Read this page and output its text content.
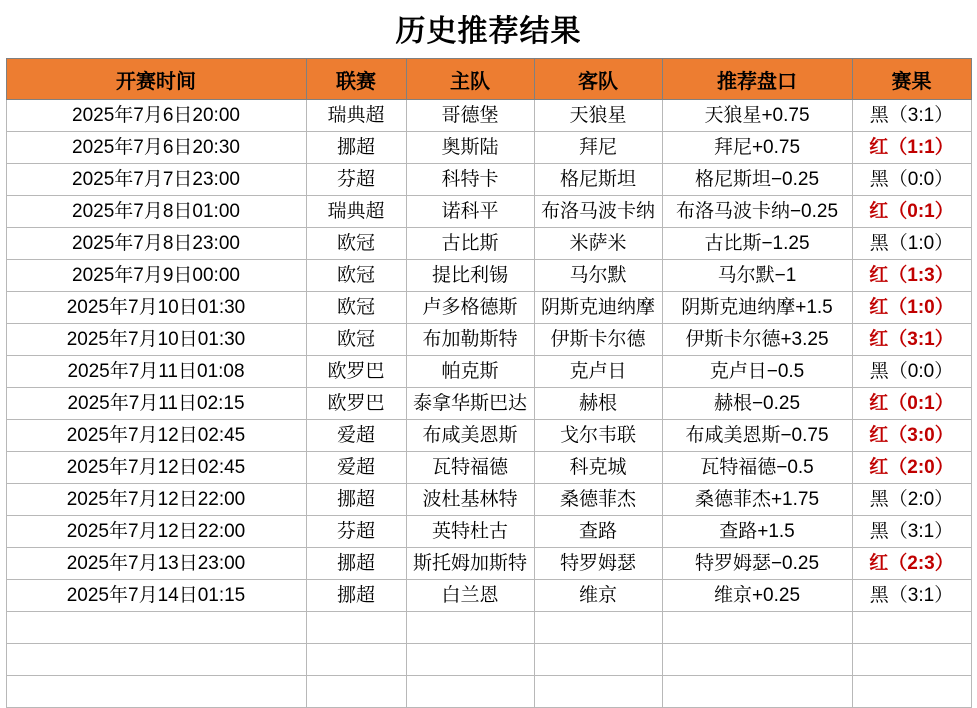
历史推荐结果
开赛时间	联赛	主队	客队	推荐盘口	赛果
2025年7月6日20:00	瑞典超	哥德堡	天狼星	天狼星+0.75	黑（3:1）
2025年7月6日20:30	挪超	奥斯陆	拜尼	拜尼+0.75	红（1:1）
2025年7月7日23:00	芬超	科特卡	格尼斯坦	格尼斯坦−0.25	黑（0:0）
2025年7月8日01:00	瑞典超	诺科平	布洛马波卡纳	布洛马波卡纳−0.25	红（0:1）
2025年7月8日23:00	欧冠	古比斯	米萨米	古比斯−1.25	黑（1:0）
2025年7月9日00:00	欧冠	提比利锡	马尔默	马尔默−1	红（1:3）
2025年7月10日01:30	欧冠	卢多格德斯	阴斯克迪纳摩	阴斯克迪纳摩+1.5	红（1:0）
2025年7月10日01:30	欧冠	布加勒斯特	伊斯卡尔德	伊斯卡尔德+3.25	红（3:1）
2025年7月11日01:08	欧罗巴	帕克斯	克卢日	克卢日−0.5	黑（0:0）
2025年7月11日02:15	欧罗巴	泰拿华斯巴达	赫根	赫根−0.25	红（0:1）
2025年7月12日02:45	爱超	布咸美恩斯	戈尔韦联	布咸美恩斯−0.75	红（3:0）
2025年7月12日02:45	爱超	瓦特福德	科克城	瓦特福德−0.5	红（2:0）
2025年7月12日22:00	挪超	波杜基林特	桑德菲杰	桑德菲杰+1.75	黑（2:0）
2025年7月12日22:00	芬超	英特杜古	查路	查路+1.5	黑（3:1）
2025年7月13日23:00	挪超	斯托姆加斯特	特罗姆瑟	特罗姆瑟−0.25	红（2:3）
2025年7月14日01:15	挪超	白兰恩	维京	维京+0.25	黑（3:1）
